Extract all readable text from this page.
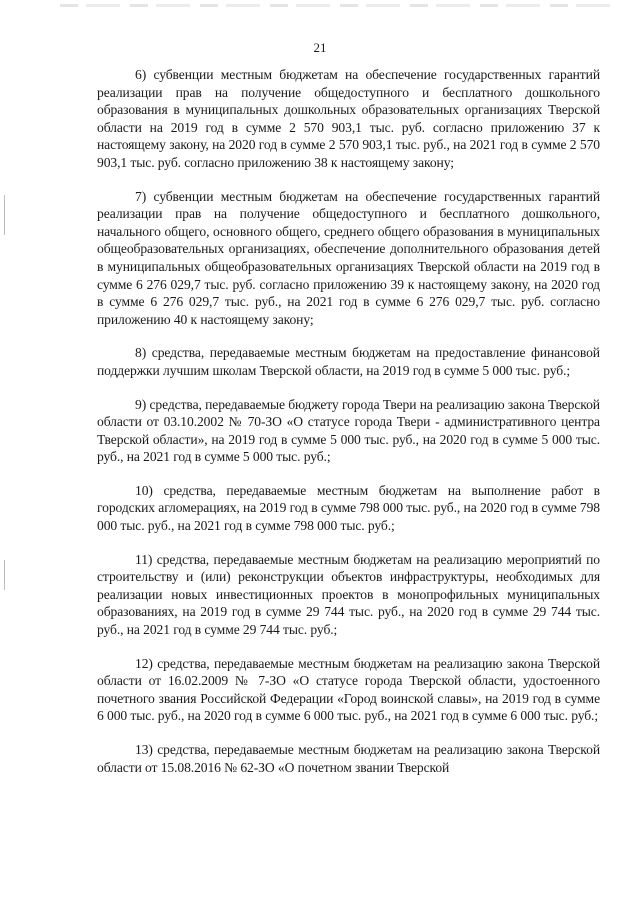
21

6) субвенции местным бюджетам на обеспечение государственных гарантий реализации прав на получение общедоступного и бесплатного дошкольного образования в муниципальных дошкольных образовательных организациях Тверской области на 2019 год в сумме 2 570 903,1 тыс. руб. согласно приложению 37 к настоящему закону, на 2020 год в сумме 2 570 903,1 тыс. руб., на 2021 год в сумме 2 570 903,1 тыс. руб. согласно приложению 38 к настоящему закону;

7) субвенции местным бюджетам на обеспечение государственных гарантий реализации прав на получение общедоступного и бесплатного дошкольного, начального общего, основного общего, среднего общего образования в муниципальных общеобразовательных организациях, обеспечение дополнительного образования детей в муниципальных общеобразовательных организациях Тверской области на 2019 год в сумме 6 276 029,7 тыс. руб. согласно приложению 39 к настоящему закону, на 2020 год в сумме 6 276 029,7 тыс. руб., на 2021 год в сумме 6 276 029,7 тыс. руб. согласно приложению 40 к настоящему закону;

8) средства, передаваемые местным бюджетам на предоставление финансовой поддержки лучшим школам Тверской области, на 2019 год в сумме 5 000 тыс. руб.;

9) средства, передаваемые бюджету города Твери на реализацию закона Тверской области от 03.10.2002 № 70-ЗО «О статусе города Твери - административного центра Тверской области», на 2019 год в сумме 5 000 тыс. руб., на 2020 год в сумме 5 000 тыс. руб., на 2021 год в сумме 5 000 тыс. руб.;

10) средства, передаваемые местным бюджетам на выполнение работ в городских агломерациях, на 2019 год в сумме 798 000 тыс. руб., на 2020 год в сумме 798 000 тыс. руб., на 2021 год в сумме 798 000 тыс. руб.;

11) средства, передаваемые местным бюджетам на реализацию мероприятий по строительству и (или) реконструкции объектов инфраструктуры, необходимых для реализации новых инвестиционных проектов в монопрофильных муниципальных образованиях, на 2019 год в сумме 29 744 тыс. руб., на 2020 год в сумме 29 744 тыс. руб., на 2021 год в сумме 29 744 тыс. руб.;

12) средства, передаваемые местным бюджетам на реализацию закона Тверской области от 16.02.2009 № 7-ЗО «О статусе города Тверской области, удостоенного почетного звания Российской Федерации «Город воинской славы», на 2019 год в сумме 6 000 тыс. руб., на 2020 год в сумме 6 000 тыс. руб., на 2021 год в сумме 6 000 тыс. руб.;

13) средства, передаваемые местным бюджетам на реализацию закона Тверской области от 15.08.2016 № 62-ЗО «О почетном звании Тверской
